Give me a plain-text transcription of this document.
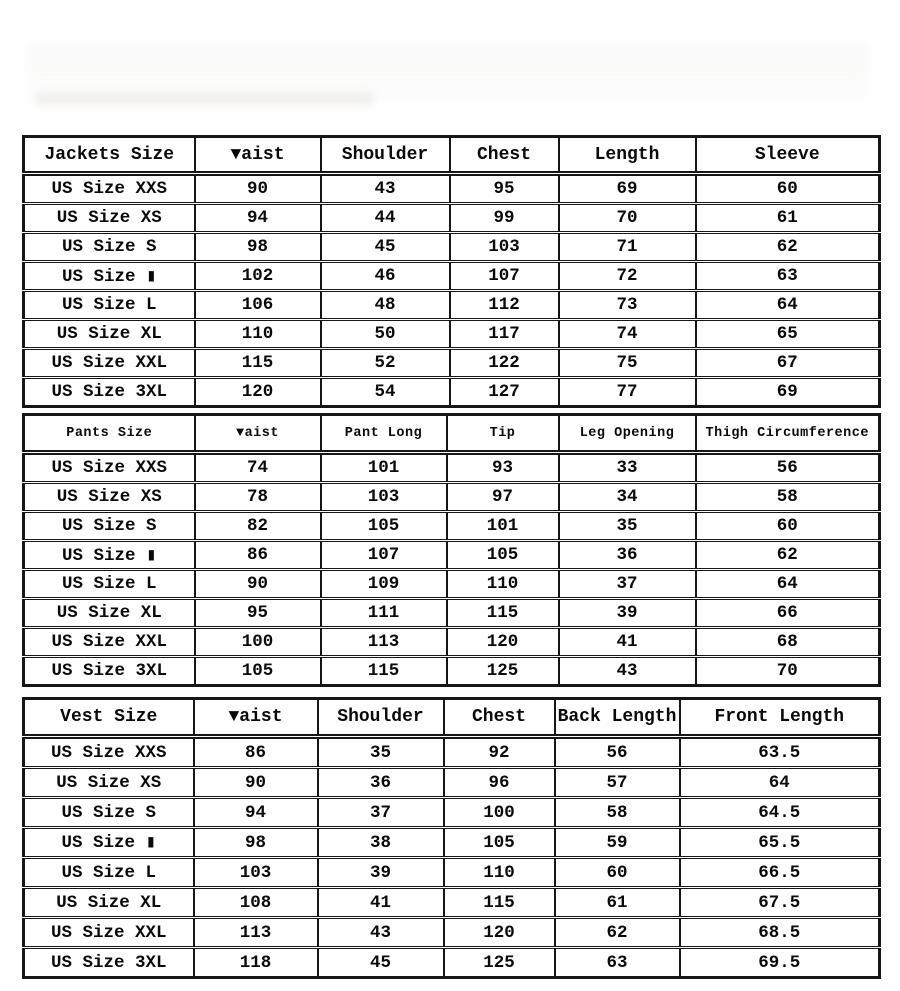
Jackets Size	▼aist	Shoulder	Chest	Length	Sleeve
US Size XXS	90	43	95	69	60
US Size XS	94	44	99	70	61
US Size S	98	45	103	71	62
US Size ▮	102	46	107	72	63
US Size L	106	48	112	73	64
US Size XL	110	50	117	74	65
US Size XXL	115	52	122	75	67
US Size 3XL	120	54	127	77	69
Pants Size	▼aist	Pant Long	Tip	Leg Opening	Thigh Circumference
US Size XXS	74	101	93	33	56
US Size XS	78	103	97	34	58
US Size S	82	105	101	35	60
US Size ▮	86	107	105	36	62
US Size L	90	109	110	37	64
US Size XL	95	111	115	39	66
US Size XXL	100	113	120	41	68
US Size 3XL	105	115	125	43	70
Vest Size	▼aist	Shoulder	Chest	Back Length	Front Length
US Size XXS	86	35	92	56	63.5
US Size XS	90	36	96	57	64
US Size S	94	37	100	58	64.5
US Size ▮	98	38	105	59	65.5
US Size L	103	39	110	60	66.5
US Size XL	108	41	115	61	67.5
US Size XXL	113	43	120	62	68.5
US Size 3XL	118	45	125	63	69.5
